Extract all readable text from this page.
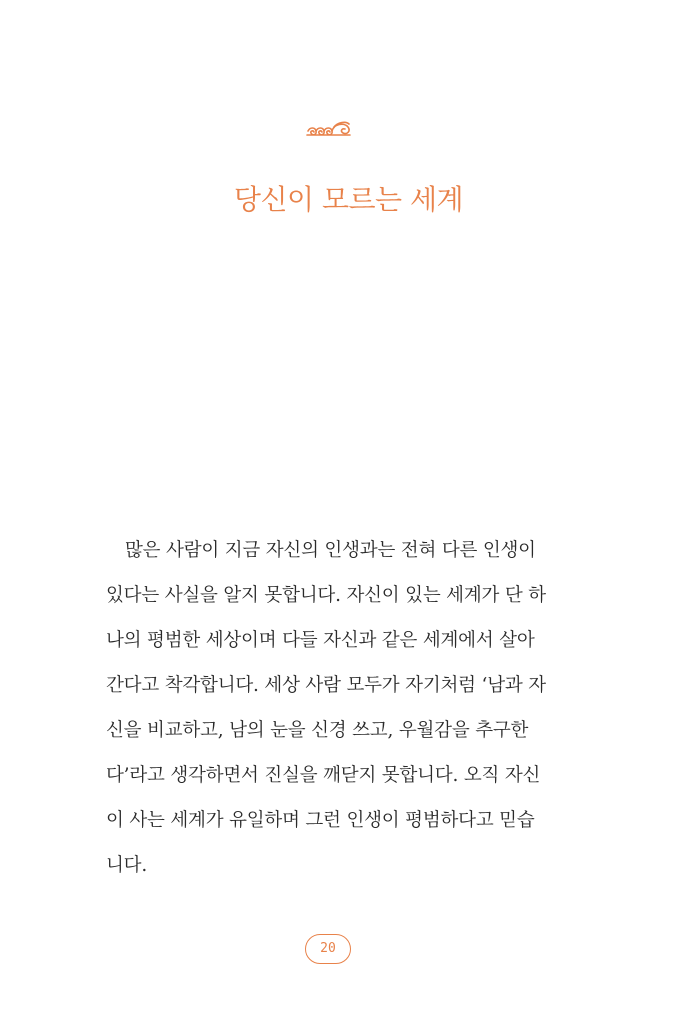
당신이 모르는 세계
많은 사람이 지금 자신의 인생과는 전혀 다른 인생이
있다는 사실을 알지 못합니다. 자신이 있는 세계가 단 하
나의 평범한 세상이며 다들 자신과 같은 세계에서 살아
간다고 착각합니다. 세상 사람 모두가 자기처럼 ‘남과 자
신을 비교하고, 남의 눈을 신경 쓰고, 우월감을 추구한
다’라고 생각하면서 진실을 깨닫지 못합니다. 오직 자신
이 사는 세계가 유일하며 그런 인생이 평범하다고 믿습
니다.
20
